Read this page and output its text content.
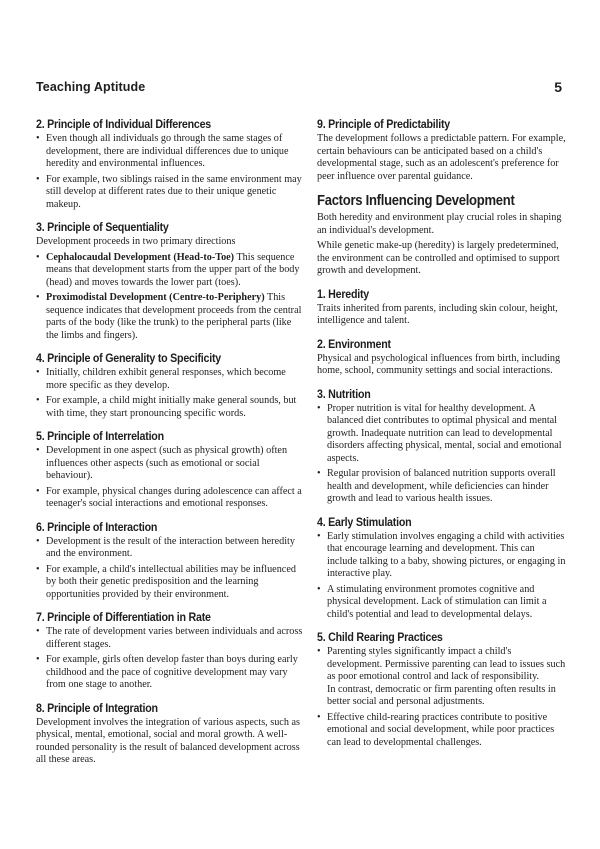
Teaching Aptitude	5
2. Principle of Individual Differences
• Even though all individuals go through the same stages of development, there are individual differences due to unique heredity and environmental influences.
• For example, two siblings raised in the same environment may still develop at different rates due to their unique genetic makeup.
3. Principle of Sequentiality

Development proceeds in two primary directions

• Cephalocaudal Development (Head-to-Toe) This sequence means that development starts from the upper part of the body (head) and moves towards the lower part (toes).
• Proximodistal Development (Centre-to-Periphery) This sequence indicates that development proceeds from the central parts of the body (like the trunk) to the peripheral parts (like the limbs and fingers).
4. Principle of Generality to Specificity
• Initially, children exhibit general responses, which become more specific as they develop.
• For example, a child might initially make general sounds, but with time, they start pronouncing specific words.
5. Principle of Interrelation
• Development in one aspect (such as physical growth) often influences other aspects (such as emotional or social behaviour).
• For example, physical changes during adolescence can affect a teenager's social interactions and emotional responses.
6. Principle of Interaction
• Development is the result of the interaction between heredity and the environment.
• For example, a child's intellectual abilities may be influenced by both their genetic predisposition and the learning opportunities provided by their environment.
7. Principle of Differentiation in Rate
• The rate of development varies between individuals and across different stages.
• For example, girls often develop faster than boys during early childhood and the pace of cognitive development may vary from one stage to another.
8. Principle of Integration

Development involves the integration of various aspects, such as physical, mental, emotional, social and moral growth. A well-rounded personality is the result of balanced development across all these areas.

9. Principle of Predictability

The development follows a predictable pattern. For example, certain behaviours can be anticipated based on a child's developmental stage, such as an adolescent's preference for peer influence over parental guidance.

Factors Influencing Development

Both heredity and environment play crucial roles in shaping an individual's development.

While genetic make-up (heredity) is largely predetermined, the environment can be controlled and optimised to support growth and development.

1. Heredity

Traits inherited from parents, including skin colour, height, intelligence and talent.

2. Environment

Physical and psychological influences from birth, including home, school, community settings and social interactions.

3. Nutrition
• Proper nutrition is vital for healthy development. A balanced diet contributes to optimal physical and mental growth. Inadequate nutrition can lead to developmental disorders affecting physical, mental, social and emotional aspects.
• Regular provision of balanced nutrition supports overall health and development, while deficiencies can hinder growth and lead to various health issues.
4. Early Stimulation
• Early stimulation involves engaging a child with activities that encourage learning and development. This can include talking to a baby, showing pictures, or engaging in interactive play.
• A stimulating environment promotes cognitive and physical development. Lack of stimulation can limit a child's potential and lead to developmental delays.
5. Child Rearing Practices
• Parenting styles significantly impact a child's development. Permissive parenting can lead to issues such as poor emotional control and lack of responsibility.
In contrast, democratic or firm parenting often results in better social and personal adjustments.
• Effective child-rearing practices contribute to positive emotional and social development, while poor practices can lead to developmental challenges.
